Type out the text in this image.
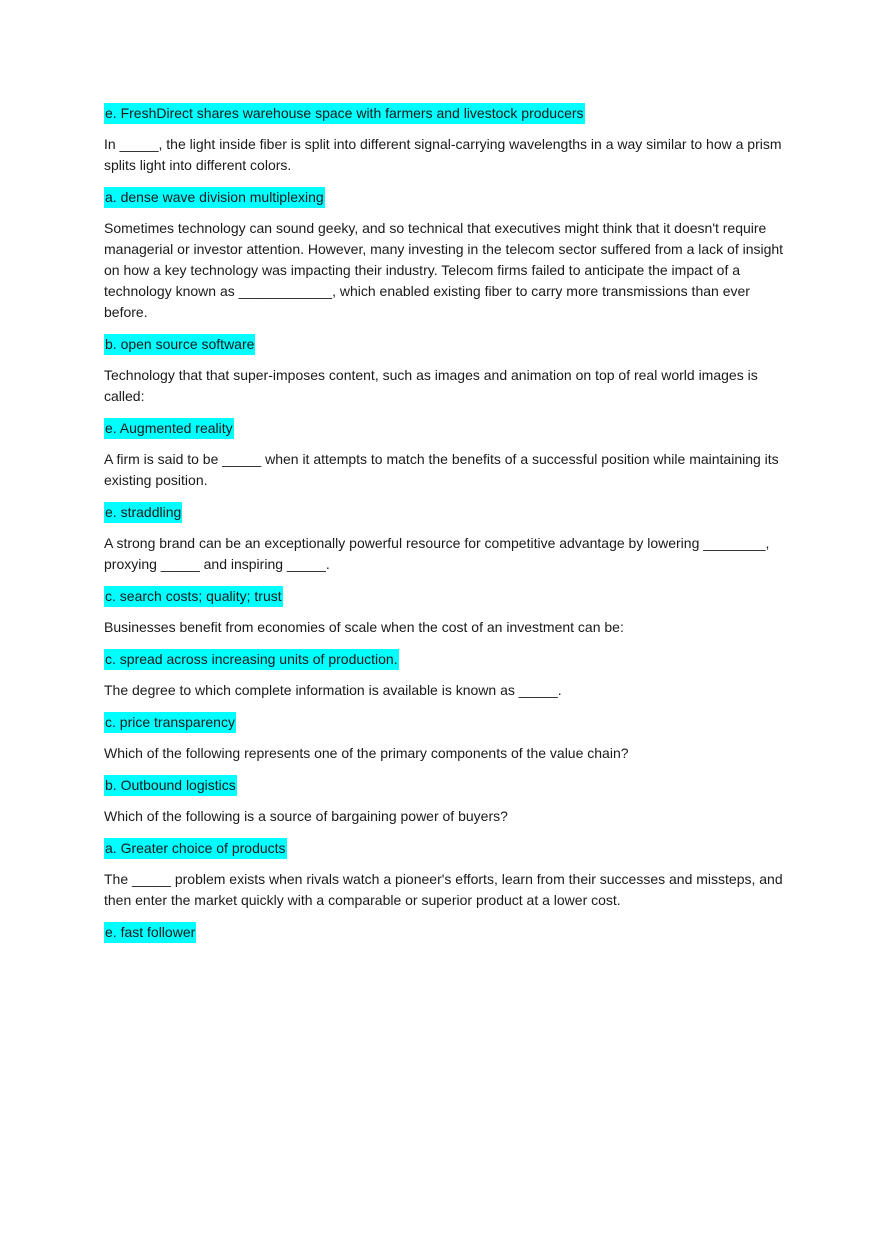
e. FreshDirect shares warehouse space with farmers and livestock producers

In _____, the light inside fiber is split into different signal-carrying wavelengths in a way similar to how a prism splits light into different colors.

a. dense wave division multiplexing

Sometimes technology can sound geeky, and so technical that executives might think that it doesn't require managerial or investor attention. However, many investing in the telecom sector suffered from a lack of insight on how a key technology was impacting their industry. Telecom firms failed to anticipate the impact of a technology known as ____________, which enabled existing fiber to carry more transmissions than ever before.

b. open source software

Technology that that super-imposes content, such as images and animation on top of real world images is called:

e. Augmented reality

A firm is said to be _____ when it attempts to match the benefits of a successful position while maintaining its existing position.

e. straddling

A strong brand can be an exceptionally powerful resource for competitive advantage by lowering ________, proxying _____ and inspiring _____.

c. search costs; quality; trust

Businesses benefit from economies of scale when the cost of an investment can be:

c. spread across increasing units of production.

The degree to which complete information is available is known as _____.

c. price transparency

Which of the following represents one of the primary components of the value chain?

b. Outbound logistics

Which of the following is a source of bargaining power of buyers?

a. Greater choice of products

The _____ problem exists when rivals watch a pioneer's efforts, learn from their successes and missteps, and then enter the market quickly with a comparable or superior product at a lower cost.

e. fast follower
